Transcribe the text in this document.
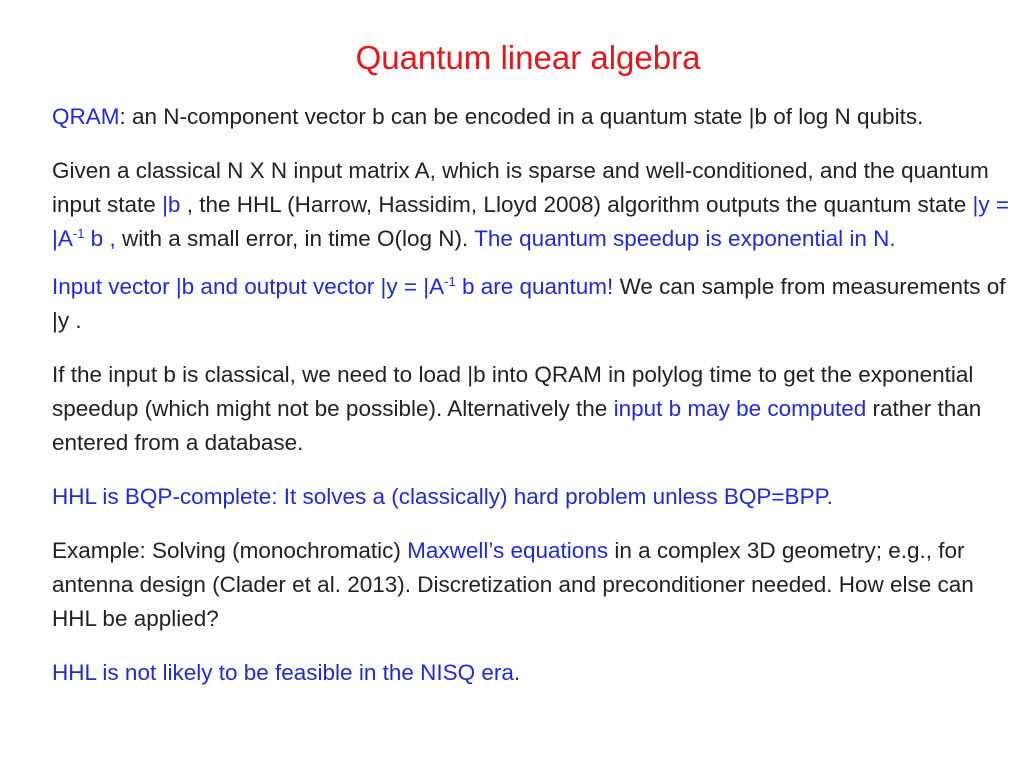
Quantum linear algebra

QRAM: an N-component vector b can be encoded in a quantum state |b of log N qubits.

Given a classical N X N input matrix A, which is sparse and well-conditioned, and the quantum input state |b , the HHL (Harrow, Hassidim, Lloyd 2008) algorithm outputs the quantum state $|y = |A^{-1}$ b , with a small error, in time O(log N). The quantum speedup is exponential in N.

Input vector |b and output vector $|y = |A^{-1}$ b are quantum! We can sample from measurements of |y .

If the input b is classical, we need to load |b into QRAM in polylog time to get the exponential speedup (which might not be possible). Alternatively the input b may be computed rather than entered from a database.

HHL is BQP-complete: It solves a (classically) hard problem unless BQP=BPP.

Example: Solving (monochromatic) Maxwell’s equations in a complex 3D geometry; e.g., for antenna design (Clader et al. 2013). Discretization and preconditioner needed. How else can HHL be applied?

HHL is not likely to be feasible in the NISQ era.
